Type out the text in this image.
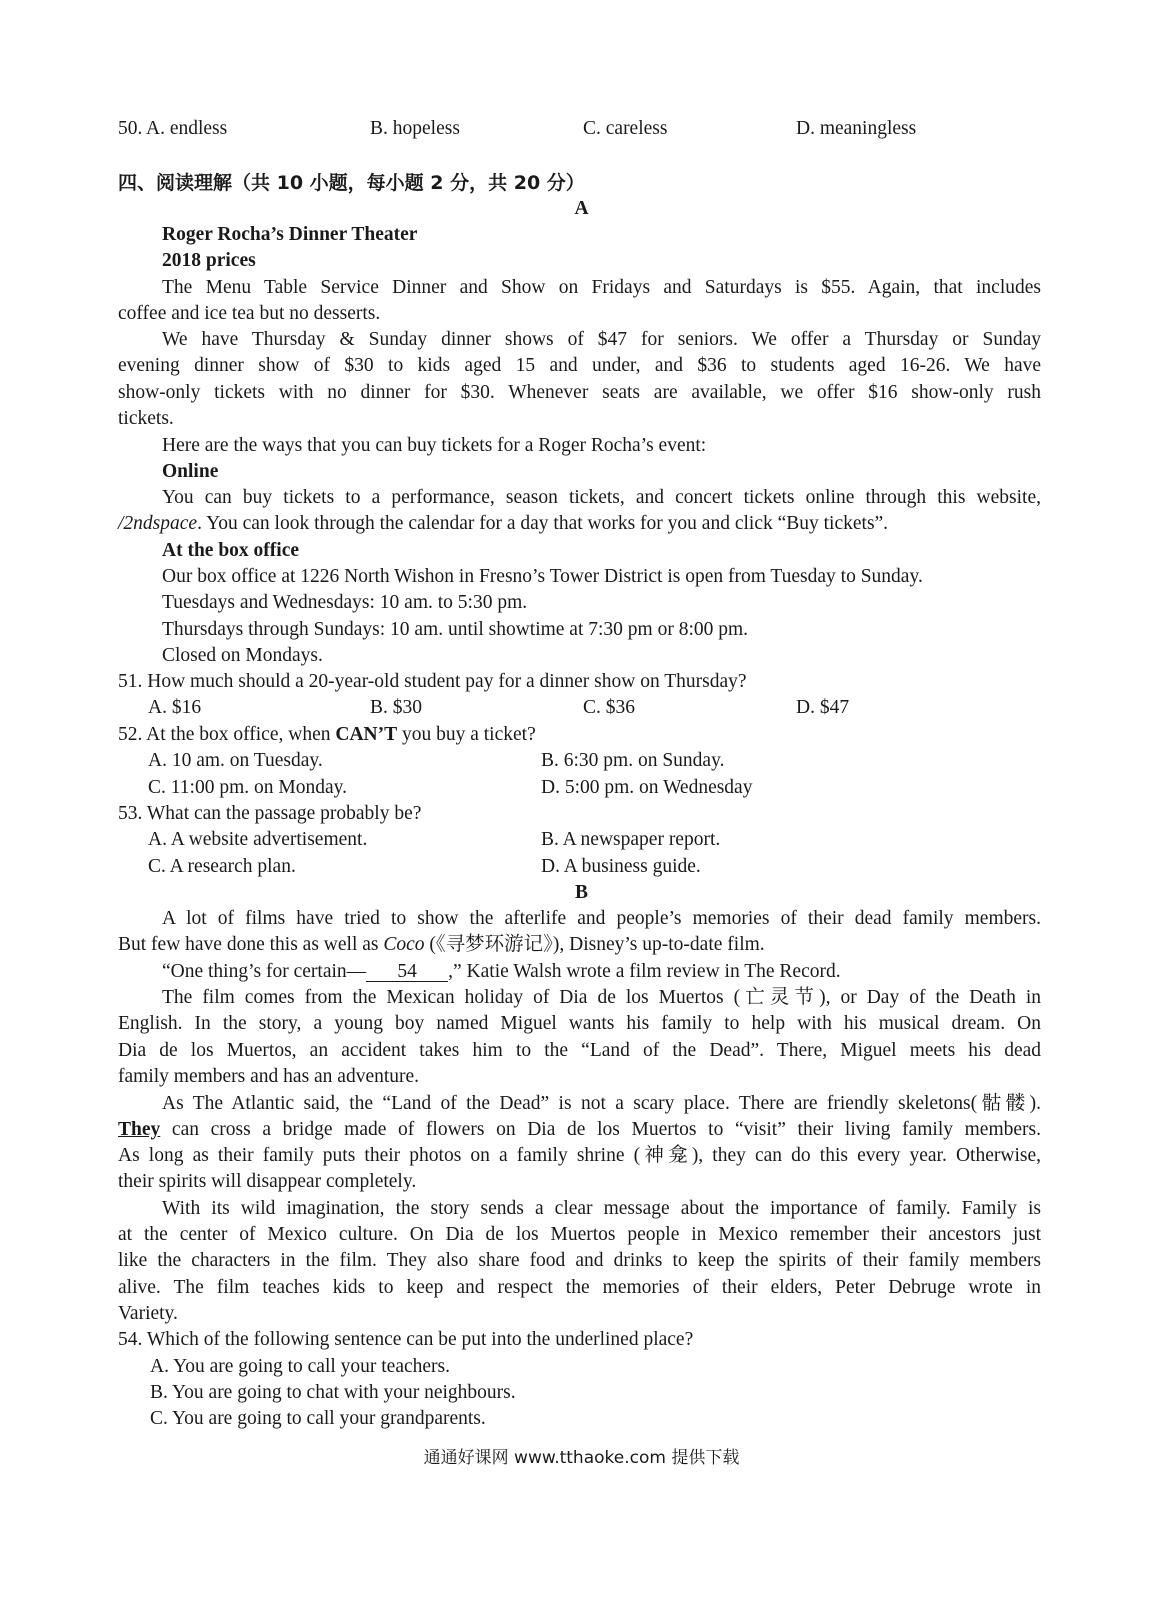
50. A. endless	B. hopeless	C. careless	D. meaningless
四、阅读理解（共 10 小题，每小题 2 分，共 20 分）
A
Roger Rocha’s Dinner Theater
2018 prices
The Menu Table Service Dinner and Show on Fridays and Saturdays is $55. Again, that includes
coffee and ice tea but no desserts.
We have Thursday & Sunday dinner shows of $47 for seniors. We offer a Thursday or Sunday
evening dinner show of $30 to kids aged 15 and under, and $36 to students aged 16-26. We have
show-only tickets with no dinner for $30. Whenever seats are available, we offer $16 show-only rush
tickets.
Here are the ways that you can buy tickets for a Roger Rocha’s event:
Online
You can buy tickets to a performance, season tickets, and concert tickets online through this website,
/2ndspace. You can look through the calendar for a day that works for you and click “Buy tickets”.
At the box office
Our box office at 1226 North Wishon in Fresno’s Tower District is open from Tuesday to Sunday.
Tuesdays and Wednesdays: 10 am. to 5:30 pm.
Thursdays through Sundays: 10 am. until showtime at 7:30 pm or 8:00 pm.
Closed on Mondays.
51. How much should a 20-year-old student pay for a dinner show on Thursday?
A. $16	B. $30	C. $36	D. $47
52. At the box office, when CAN’T you buy a ticket?
A. 10 am. on Tuesday.	B. 6:30 pm. on Sunday.
C. 11:00 pm. on Monday.	D. 5:00 pm. on Wednesday
53. What can the passage probably be?
A. A website advertisement.	B. A newspaper report.
C. A research plan.	D. A business guide.
B
A lot of films have tried to show the afterlife and people’s memories of their dead family members.
But few have done this as well as Coco (《寻梦环游记》), Disney’s up-to-date film.
“One thing’s for certain— 54 ,” Katie Walsh wrote a film review in The Record.
The film comes from the Mexican holiday of Dia de los Muertos (亡灵节), or Day of the Death in
English. In the story, a young boy named Miguel wants his family to help with his musical dream. On
Dia de los Muertos, an accident takes him to the “Land of the Dead”. There, Miguel meets his dead
family members and has an adventure.
As The Atlantic said, the “Land of the Dead” is not a scary place. There are friendly skeletons(骷髅).
They can cross a bridge made of flowers on Dia de los Muertos to “visit” their living family members.
As long as their family puts their photos on a family shrine (神龛), they can do this every year. Otherwise,
their spirits will disappear completely.
With its wild imagination, the story sends a clear message about the importance of family. Family is
at the center of Mexico culture. On Dia de los Muertos people in Mexico remember their ancestors just
like the characters in the film. They also share food and drinks to keep the spirits of their family members
alive. The film teaches kids to keep and respect the memories of their elders, Peter Debruge wrote in
Variety.
54. Which of the following sentence can be put into the underlined place?
A. You are going to call your teachers.
B. You are going to chat with your neighbours.
C. You are going to call your grandparents.
通通好课网 www.tthaoke.com 提供下载
